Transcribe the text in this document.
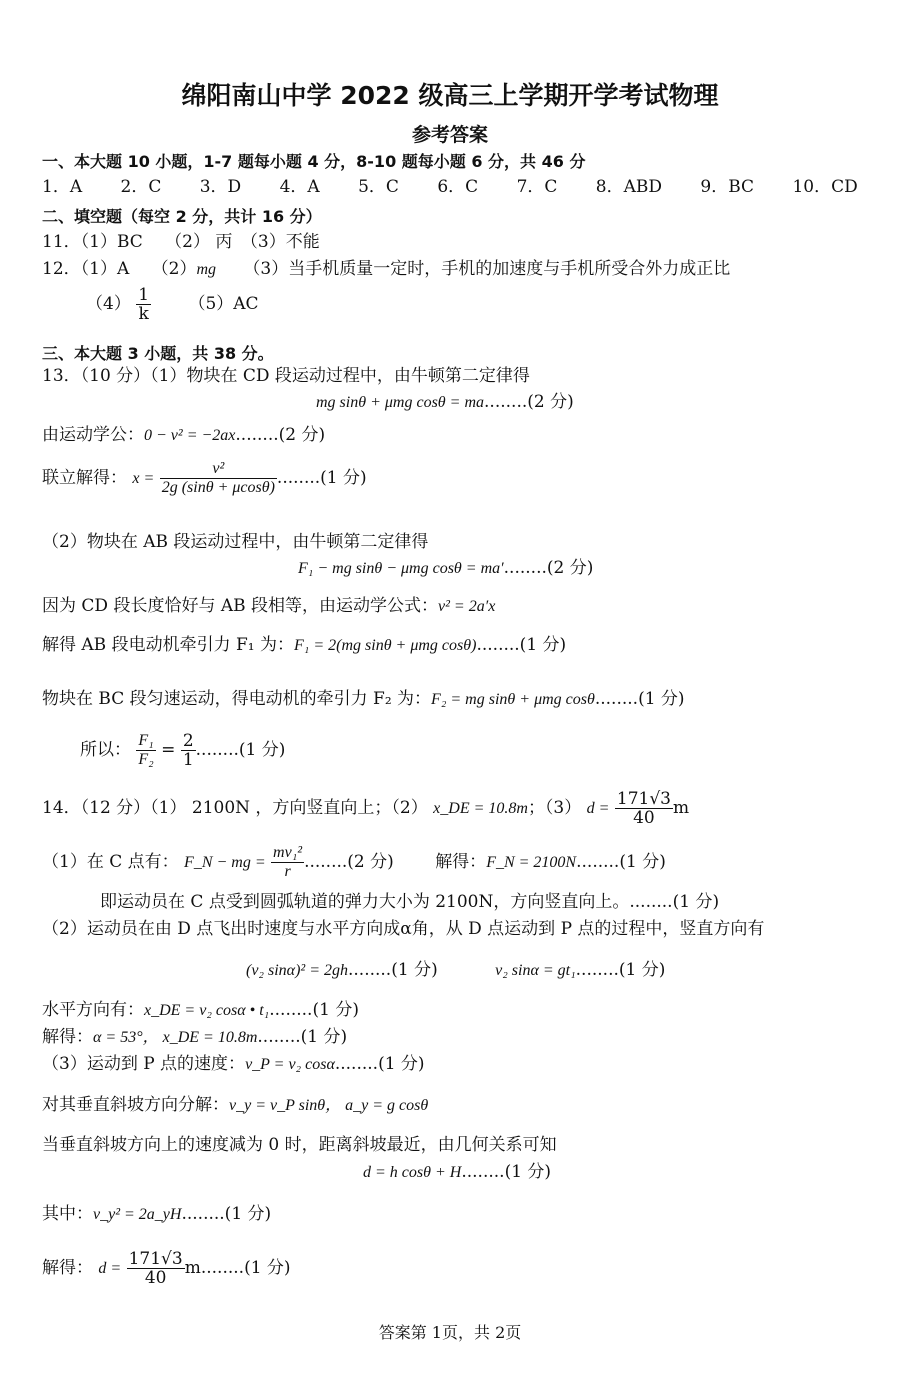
绵阳南山中学 2022 级高三上学期开学考试物理
参考答案
一、本大题 10 小题，1-7 题每小题 4 分，8-10 题每小题 6 分，共 46 分
1．A 2．C 3．D 4．A 5．C 6．C 7．C 8．ABD 9．BC 10．CD
二、填空题（每空 2 分，共计 16 分）
11．（1）BC　 （2） 丙　（3）不能
12．（1）A　 （2）mg （3）当手机质量一定时，手机的加速度与手机所受合外力成正比
$(4) \frac{1}{k} (5)AC$
三、本大题 3 小题，共 38 分。
13．（10 分）（1）物块在 CD 段运动过程中，由牛顿第二定律得
mg sinθ + μmg cosθ = ma........(2 分)
由运动学公：0 − v² = −2ax........(2 分)
联立解得： $x = \frac{\text{v²}}{2g (\sin\theta + \mu\cos\theta)} ........(1$ 分)
（2）物块在 AB 段运动过程中，由牛顿第二定律得
F₁ − mg sinθ − μmg cosθ = ma′........(2 分)
因为 CD 段长度恰好与 AB 段相等，由运动学公式：v² = 2a′x
解得 AB 段电动机牵引力 F₁ 为：F₁ = 2(mg sinθ + μmg cosθ)........(1 分)
物块在 BC 段匀速运动，得电动机的牵引力 F₂ 为：F₂ = mg sinθ + μmg cosθ........(1 分)
所以： $\frac{\text{F₁}}{\text{F₂}} = \frac{2}{1} ........(1$ 分)
14．（12 分）（1） 2100N ，方向竖直向上；（2） x_DE = 10.8m；（3） $d = \frac{171√3}{40}$ m
（1）在 C 点有： F_N − mg = $\frac{\text{mv₁²}}{r} ........(2$ 分) 解得：F_N = 2100N........(1 分)
即运动员在 C 点受到圆弧轨道的弹力大小为 2100N，方向竖直向上。........(1 分)
（2）运动员在由 D 点飞出时速度与水平方向成α角，从 D 点运动到 P 点的过程中，竖直方向有
(v₂ sinα)² = 2gh........(1 分)	v₂ sinα = gt₁........(1 分)
水平方向有：x_DE = v₂ cosα • t₁........(1 分)
解得：α = 53°， x_DE = 10.8m........(1 分)
（3）运动到 P 点的速度：v_P = v₂ cosα........(1 分)
对其垂直斜坡方向分解：v_y = v_P sinθ， a_y = g cosθ
当垂直斜坡方向上的速度减为 0 时，距离斜坡最近，由几何关系可知
d = h cosθ + H........(1 分)
其中：v_y² = 2a_yH........(1 分)
解得： $d = \frac{171√3}{40} m........(1$ 分)
答案第 1页，共 2页
